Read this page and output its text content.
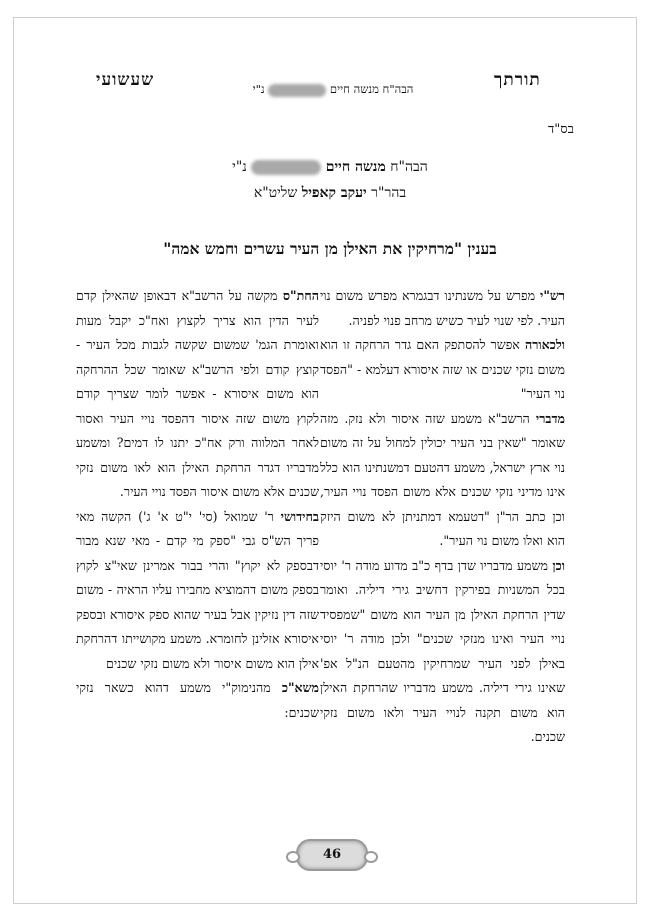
שעשועי	תורתך
הבה"ח מנשה חיים  נ"י
בס"ד
הבה"ח מנשה חיים  נ"י
בהר"ר יעקב קאפיל שליט"א
בענין "מרחיקין את האילן מן העיר עשרים וחמש אמה"

רש"י מפרש על משנתינו דבגמרא מפרש משום נוי העיר. לפי שנוי לעיר כשיש מרחב פנוי לפניה.

ולכאורה אפשר להסתפק האם גדר הרחקה זו הוא משום נזקי שכנים או שזה איסורא דעלמא - "הפסד נוי העיר"

מדברי הרשב"א משמע שזה איסור ולא נזק. מזה שאומר "שאין בני העיר יכולין למחול על זה משום נוי ארץ ישראל, משמע דהטעם דמשנתינו הוא כלל אינו מדיני נזקי שכנים אלא משום הפסד נויי העיר, וכן כתב הר"ן "דטעמא דמתניתן לא משום היזק הוא ואלו משום נוי העיר".

וכן משמע מדבריו שדן בדף כ"ב מדוע מודה ר' יוסי בכל המשניות בפירקין דחשיב גירי דיליה. ואומר שדין הרחקת האילן מן העיר הוא משום "שמפסיד נויי העיר ואינו מנזקי שכנים" ולכן מודה ר' יוסי באילן לפני העיר שמרחיקין מהטעם הנ"ל אפ' שאינו גירי דיליה. משמע מדבריו שהרחקת האילן הוא משום תקנה לנויי העיר ולאו משום נזקי שכנים.

החת"ס מקשה על הרשב"א דבאופן שהאילן קדם לעיר הדין הוא צריך לקצוץ ואח"כ יקבל מעות ואומרת הגמ' שמשום שקשה לגבות מכל העיר - קוצץ קודם ולפי הרשב"א שאומר שכל ההרחקה הוא משום איסורא - אפשר לומר שצריך קודם לקוץ משום שזה איסור דהפסד נויי העיר ואסור לאחר המלווה ורק אח"כ יתנו לו דמים? ומשמע מדבריו דגדר הרחקת האילן הוא לאו משום נזקי שכנים אלא משום איסור הפסד נויי העיר.

בחידושי ר' שמואל (סי' י"ט א' ג') הקשה מאי פריך הש"ס גבי "ספק מי קדם - מאי שנא מבור דבספק לא יקוץ" והרי בבור אמרינן שאי"צ לקוץ בספק משום דהמוציא מחבירו עליו הראיה - משום שזה דין נזיקין אבל בעיר שהוא ספק איסורא ובספק איסורא אזלינן לחומרא. משמע מקושייתו דהרחקת אילן הוא משום איסור ולא משום נזקי שכנים

משא"כ מהנימוק"י משמע דהוא כשאר נזקי שכנים:

46
